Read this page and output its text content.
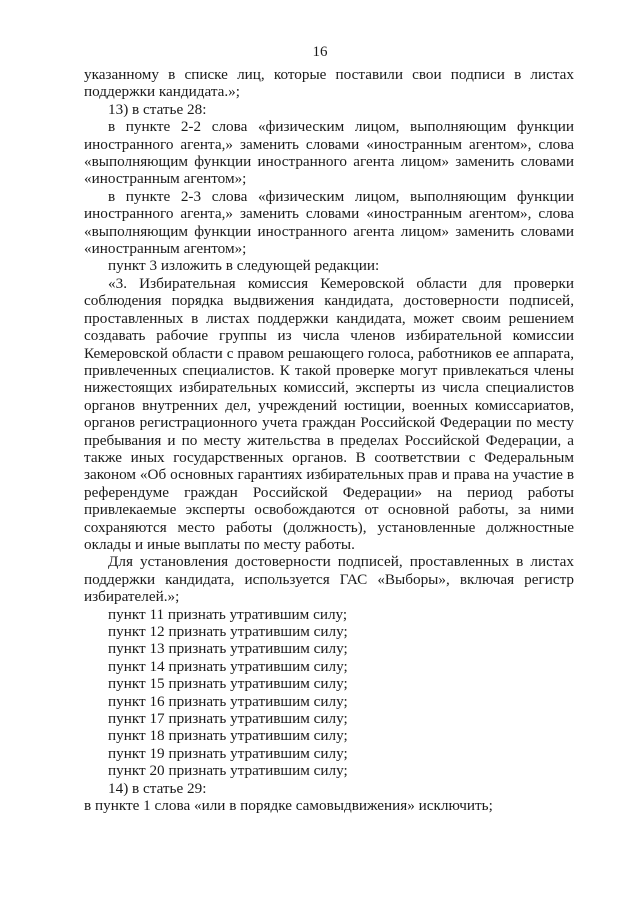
16

указанному в списке лиц, которые поставили свои подписи в листах поддержки кандидата.»;

13) в статье 28:

в пункте 2-2 слова «физическим лицом, выполняющим функции иностранного агента,» заменить словами «иностранным агентом», слова «выполняющим функции иностранного агента лицом» заменить словами «иностранным агентом»;

в пункте 2-3 слова «физическим лицом, выполняющим функции иностранного агента,» заменить словами «иностранным агентом», слова «выполняющим функции иностранного агента лицом» заменить словами «иностранным агентом»;

пункт 3 изложить в следующей редакции:

«3. Избирательная комиссия Кемеровской области для проверки соблюдения порядка выдвижения кандидата, достоверности подписей, проставленных в листах поддержки кандидата, может своим решением создавать рабочие группы из числа членов избирательной комиссии Кемеровской области с правом решающего голоса, работников ее аппарата, привлеченных специалистов. К такой проверке могут привлекаться члены нижестоящих избирательных комиссий, эксперты из числа специалистов органов внутренних дел, учреждений юстиции, военных комиссариатов, органов регистрационного учета граждан Российской Федерации по месту пребывания и по месту жительства в пределах Российской Федерации, а также иных государственных органов. В соответствии с Федеральным законом «Об основных гарантиях избирательных прав и права на участие в референдуме граждан Российской Федерации» на период работы привлекаемые эксперты освобождаются от основной работы, за ними сохраняются место работы (должность), установленные должностные оклады и иные выплаты по месту работы.

Для установления достоверности подписей, проставленных в листах поддержки кандидата, используется ГАС «Выборы», включая регистр избирателей.»;

пункт 11 признать утратившим силу;
пункт 12 признать утратившим силу;
пункт 13 признать утратившим силу;
пункт 14 признать утратившим силу;
пункт 15 признать утратившим силу;
пункт 16 признать утратившим силу;
пункт 17 признать утратившим силу;
пункт 18 признать утратившим силу;
пункт 19 признать утратившим силу;
пункт 20 признать утратившим силу;

14) в статье 29:

в пункте 1 слова «или в порядке самовыдвижения» исключить;
